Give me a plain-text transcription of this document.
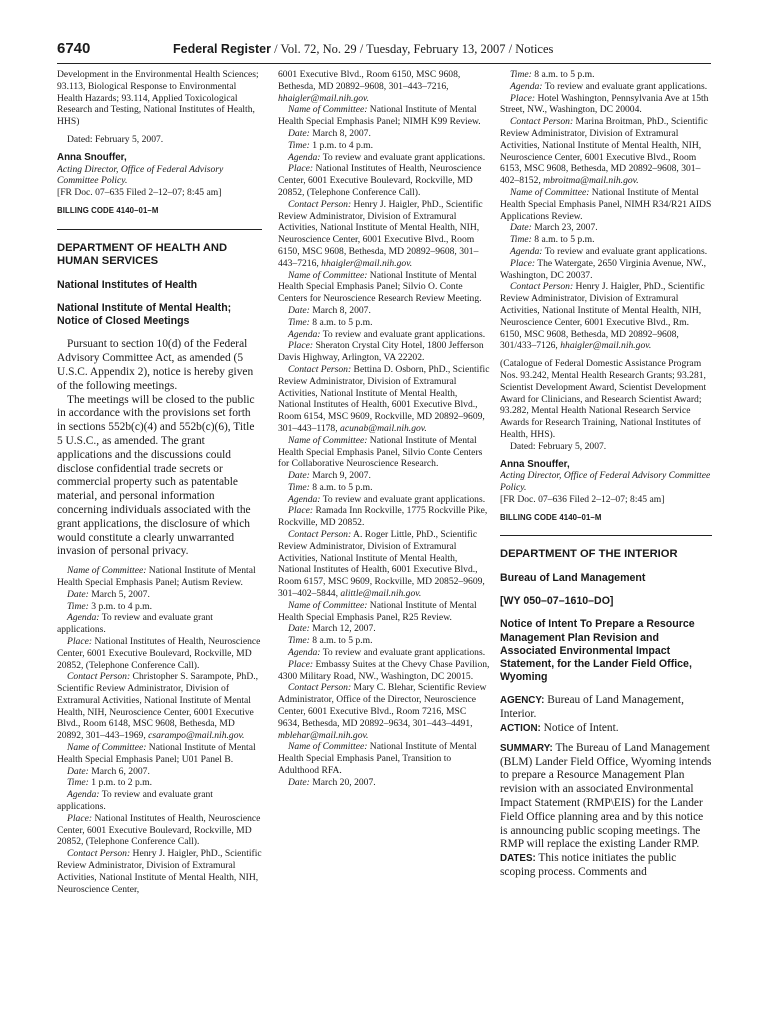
6740	Federal Register / Vol. 72, No. 29 / Tuesday, February 13, 2007 / Notices

Development in the Environmental Health Sciences; 93.113, Biological Response to Environmental Health Hazards; 93.114, Applied Toxicological Research and Testing, National Institutes of Health, HHS)

Dated: February 5, 2007.

Anna Snouffer,

Acting Director, Office of Federal Advisory Committee Policy.

[FR Doc. 07–635 Filed 2–12–07; 8:45 am]

BILLING CODE 4140–01–M

DEPARTMENT OF HEALTH AND HUMAN SERVICES

National Institutes of Health

National Institute of Mental Health; Notice of Closed Meetings

Pursuant to section 10(d) of the Federal Advisory Committee Act, as amended (5 U.S.C. Appendix 2), notice is hereby given of the following meetings.

The meetings will be closed to the public in accordance with the provisions set forth in sections 552b(c)(4) and 552b(c)(6), Title 5 U.S.C., as amended. The grant applications and the discussions could disclose confidential trade secrets or commercial property such as patentable material, and personal information concerning individuals associated with the grant applications, the disclosure of which would constitute a clearly unwarranted invasion of personal privacy.

Name of Committee: National Institute of Mental Health Special Emphasis Panel; Autism Review.

Date: March 5, 2007.

Time: 3 p.m. to 4 p.m.

Agenda: To review and evaluate grant applications.

Place: National Institutes of Health, Neuroscience Center, 6001 Executive Boulevard, Rockville, MD 20852, (Telephone Conference Call).

Contact Person: Christopher S. Sarampote, PhD., Scientific Review Administrator, Division of Extramural Activities, National Institute of Mental Health, NIH, Neuroscience Center, 6001 Executive Blvd., Room 6148, MSC 9608, Bethesda, MD 20892, 301–443–1969, csarampo@mail.nih.gov.

Name of Committee: National Institute of Mental Health Special Emphasis Panel; U01 Panel B.

Date: March 6, 2007.

Time: 1 p.m. to 2 p.m.

Agenda: To review and evaluate grant applications.

Place: National Institutes of Health, Neuroscience Center, 6001 Executive Boulevard, Rockville, MD 20852, (Telephone Conference Call).

Contact Person: Henry J. Haigler, PhD., Scientific Review Administrator, Division of Extramural Activities, National Institute of Mental Health, NIH, Neuroscience Center,

6001 Executive Blvd., Room 6150, MSC 9608, Bethesda, MD 20892–9608, 301–443–7216, hhaigler@mail.nih.gov.

Name of Committee: National Institute of Mental Health Special Emphasis Panel; NIMH K99 Review.

Date: March 8, 2007.

Time: 1 p.m. to 4 p.m.

Agenda: To review and evaluate grant applications.

Place: National Institutes of Health, Neuroscience Center, 6001 Executive Boulevard, Rockville, MD 20852, (Telephone Conference Call).

Contact Person: Henry J. Haigler, PhD., Scientific Review Administrator, Division of Extramural Activities, National Institute of Mental Health, NIH, Neuroscience Center, 6001 Executive Blvd., Room 6150, MSC 9608, Bethesda, MD 20892–9608, 301–443–7216, hhaigler@mail.nih.gov.

Name of Committee: National Institute of Mental Health Special Emphasis Panel; Silvio O. Conte Centers for Neuroscience Research Review Meeting.

Date: March 8, 2007.

Time: 8 a.m. to 5 p.m.

Agenda: To review and evaluate grant applications.

Place: Sheraton Crystal City Hotel, 1800 Jefferson Davis Highway, Arlington, VA 22202.

Contact Person: Bettina D. Osborn, PhD., Scientific Review Administrator, Division of Extramural Activities, National Institute of Mental Health, National Institutes of Health, 6001 Executive Blvd., Room 6154, MSC 9609, Rockville, MD 20892–9609, 301–443–1178, acunab@mail.nih.gov.

Name of Committee: National Institute of Mental Health Special Emphasis Panel, Silvio Conte Centers for Collaborative Neuroscience Research.

Date: March 9, 2007.

Time: 8 a.m. to 5 p.m.

Agenda: To review and evaluate grant applications.

Place: Ramada Inn Rockville, 1775 Rockville Pike, Rockville, MD 20852.

Contact Person: A. Roger Little, PhD., Scientific Review Administrator, Division of Extramural Activities, National Institute of Mental Health, National Institutes of Health, 6001 Executive Blvd., Room 6157, MSC 9609, Rockville, MD 20852–9609, 301–402–5844, alittle@mail.nih.gov.

Name of Committee: National Institute of Mental Health Special Emphasis Panel, R25 Review.

Date: March 12, 2007.

Time: 8 a.m. to 5 p.m.

Agenda: To review and evaluate grant applications.

Place: Embassy Suites at the Chevy Chase Pavilion, 4300 Military Road, NW., Washington, DC 20015.

Contact Person: Mary C. Blehar, Scientific Review Administrator, Office of the Director, Neuroscience Center, 6001 Executive Blvd., Room 7216, MSC 9634, Bethesda, MD 20892–9634, 301–443–4491, mblehar@mail.nih.gov.

Name of Committee: National Institute of Mental Health Special Emphasis Panel, Transition to Adulthood RFA.

Date: March 20, 2007.

Time: 8 a.m. to 5 p.m.

Agenda: To review and evaluate grant applications.

Place: Hotel Washington, Pennsylvania Ave at 15th Street, NW., Washington, DC 20004.

Contact Person: Marina Broitman, PhD., Scientific Review Administrator, Division of Extramural Activities, National Institute of Mental Health, NIH, Neuroscience Center, 6001 Executive Blvd., Room 6153, MSC 9608, Bethesda, MD 20892–9608, 301–402–8152, mbroitma@mail.nih.gov.

Name of Committee: National Institute of Mental Health Special Emphasis Panel, NIMH R34/R21 AIDS Applications Review.

Date: March 23, 2007.

Time: 8 a.m. to 5 p.m.

Agenda: To review and evaluate grant applications.

Place: The Watergate, 2650 Virginia Avenue, NW., Washington, DC 20037.

Contact Person: Henry J. Haigler, PhD., Scientific Review Administrator, Division of Extramural Activities, National Institute of Mental Health, NIH, Neuroscience Center, 6001 Executive Blvd., Rm. 6150, MSC 9608, Bethesda, MD 20892–9608, 301/433–7126, hhaigler@mail.nih.gov.

(Catalogue of Federal Domestic Assistance Program Nos. 93.242, Mental Health Research Grants; 93.281, Scientist Development Award, Scientist Development Award for Clinicians, and Research Scientist Award; 93.282, Mental Health National Research Service Awards for Research Training, National Institutes of Health, HHS).

Dated: February 5, 2007.

Anna Snouffer,

Acting Director, Office of Federal Advisory Committee Policy.

[FR Doc. 07–636 Filed 2–12–07; 8:45 am]

BILLING CODE 4140–01–M

DEPARTMENT OF THE INTERIOR

Bureau of Land Management

[WY 050–07–1610–DO]

Notice of Intent To Prepare a Resource Management Plan Revision and Associated Environmental Impact Statement, for the Lander Field Office, Wyoming

AGENCY: Bureau of Land Management, Interior.

ACTION: Notice of Intent.

SUMMARY: The Bureau of Land Management (BLM) Lander Field Office, Wyoming intends to prepare a Resource Management Plan revision with an associated Environmental Impact Statement (RMP\EIS) for the Lander Field Office planning area and by this notice is announcing public scoping meetings. The RMP will replace the existing Lander RMP.

DATES: This notice initiates the public scoping process. Comments and
